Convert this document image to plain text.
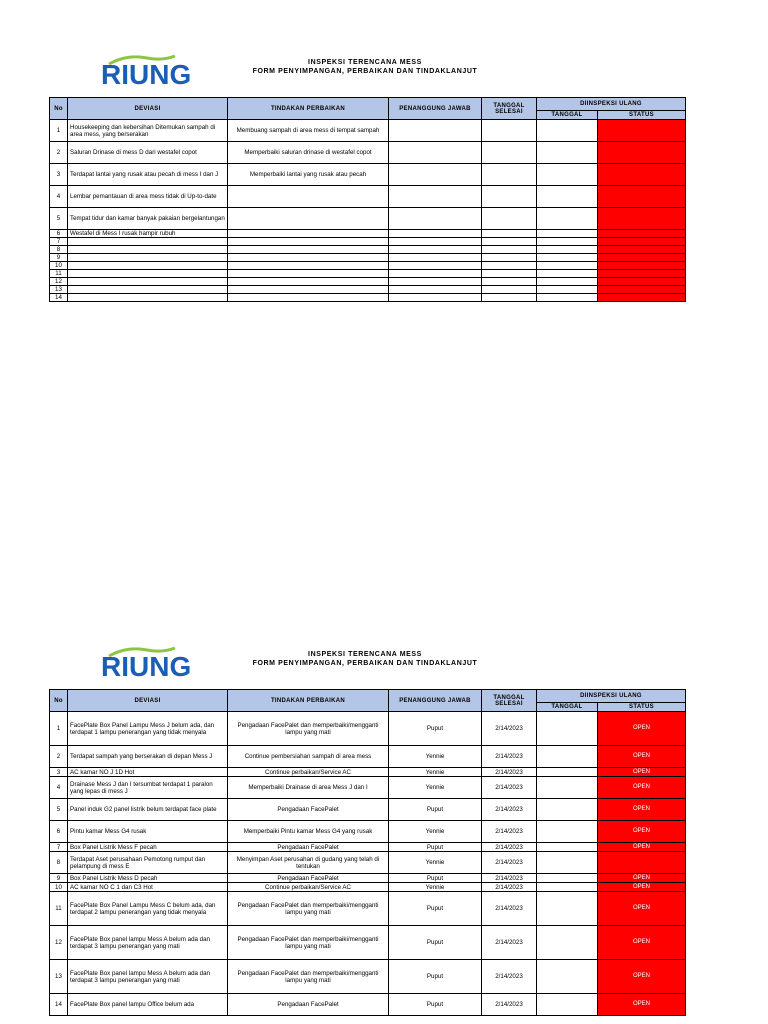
RIUNG	INSPEKSI TERENCANA MESS
FORM PENYIMPANGAN, PERBAIKAN DAN TINDAKLANJUT
No	DEVIASI	TINDAKAN PERBAIKAN	PENANGGUNG JAWAB	TANGGAL SELESAI	DIINSPEKSI ULANG	
					TANGGAL	STATUS
1	Housekeeping dan kebersihan Ditemukan sampah di area mess, yang berserakan	Membuang sampah di area mess di tempat sampah				
2	Saluran Drinase di mess D dari westafel copot	Memperbaiki saluran drinase di westafel copot				
3	Terdapat lantai yang rusak atau pecah di mess I dan J	Memperbaiki lantai yang rusak atau pecah				
4	Lembar pemantauan di area mess tidak di Up-to-date					
5	Tempat tidur dan kamar banyak pakaian bergelantungan					
6	Westafel di Mess I rusak hampir rubuh					
7						
8						
9						
10						
11						
12						
13						
14						
RIUNG	INSPEKSI TERENCANA MESS
FORM PENYIMPANGAN, PERBAIKAN DAN TINDAKLANJUT
No	DEVIASI	TINDAKAN PERBAIKAN	PENANGGUNG JAWAB	TANGGAL SELESAI	DIINSPEKSI ULANG	
					TANGGAL	STATUS
1	FacePlate Box Panel Lampu Mess J belum ada, dan terdapat 1 lampu penerangan yang tidak menyala	Pengadaan FacePalet dan memperbaiki/mengganti lampu yang mati	Puput	2/14/2023		OPEN
2	Terdapat sampah yang berserakan di depan Mess J	Continue pembersiahan sampah di area mess	Yennie	2/14/2023		OPEN
3	AC kamar NO J 1D Hot	Continue perbaikan/Service AC	Yennie	2/14/2023		OPEN
4	Drainase Mess J dan I tersumbat terdapat 1 paralon yang lepas di mess J	Memperbaiki Drainase di area Mess J dan I	Yennie	2/14/2023		OPEN
5	Panel induk G2 panel listrik belum terdapat face plate	Pengadaan FacePalet	Puput	2/14/2023		OPEN
6	Pintu kamar Mess G4 rusak	Memperbaiki Pintu kamar Mess G4 yang rusak	Yennie	2/14/2023		OPEN
7	Box Panel Listrik Mess F pecah	Pengadaan FacePalet	Puput	2/14/2023		OPEN
8	Terdapat Aset perusahaan Pemotong rumput dan pelampung di mess E	Menyimpan Aset perusahan di gudang yang telah di tentukan	Yennie	2/14/2023		
9	Box Panel Listrik Mess D pecah	Pengadaan FacePalet	Puput	2/14/2023		OPEN
10	AC kamar NO C 1 dan C3 Hot	Continue perbaikan/Service AC	Yennie	2/14/2023		OPEN
11	FacePlate Box Panel Lampu Mess C belum ada, dan terdapat 2 lampu penerangan yang tidak menyala	Pengadaan FacePalet dan memperbaiki/mengganti lampu yang mati	Puput	2/14/2023		OPEN
12	FacePlate Box panel lampu Mess A belum ada dan terdapat 3 lampu penerangan yang mati	Pengadaan FacePalet dan memperbaiki/mengganti lampu yang mati	Puput	2/14/2023		OPEN
13	FacePlate Box panel lampu Mess A belum ada dan terdapat 3 lampu penerangan yang mati	Pengadaan FacePalet dan memperbaiki/mengganti lampu yang mati	Puput	2/14/2023		OPEN
14	FacePlate Box panel lampu Office belum ada	Pengadaan FacePalet	Puput	2/14/2023		OPEN
